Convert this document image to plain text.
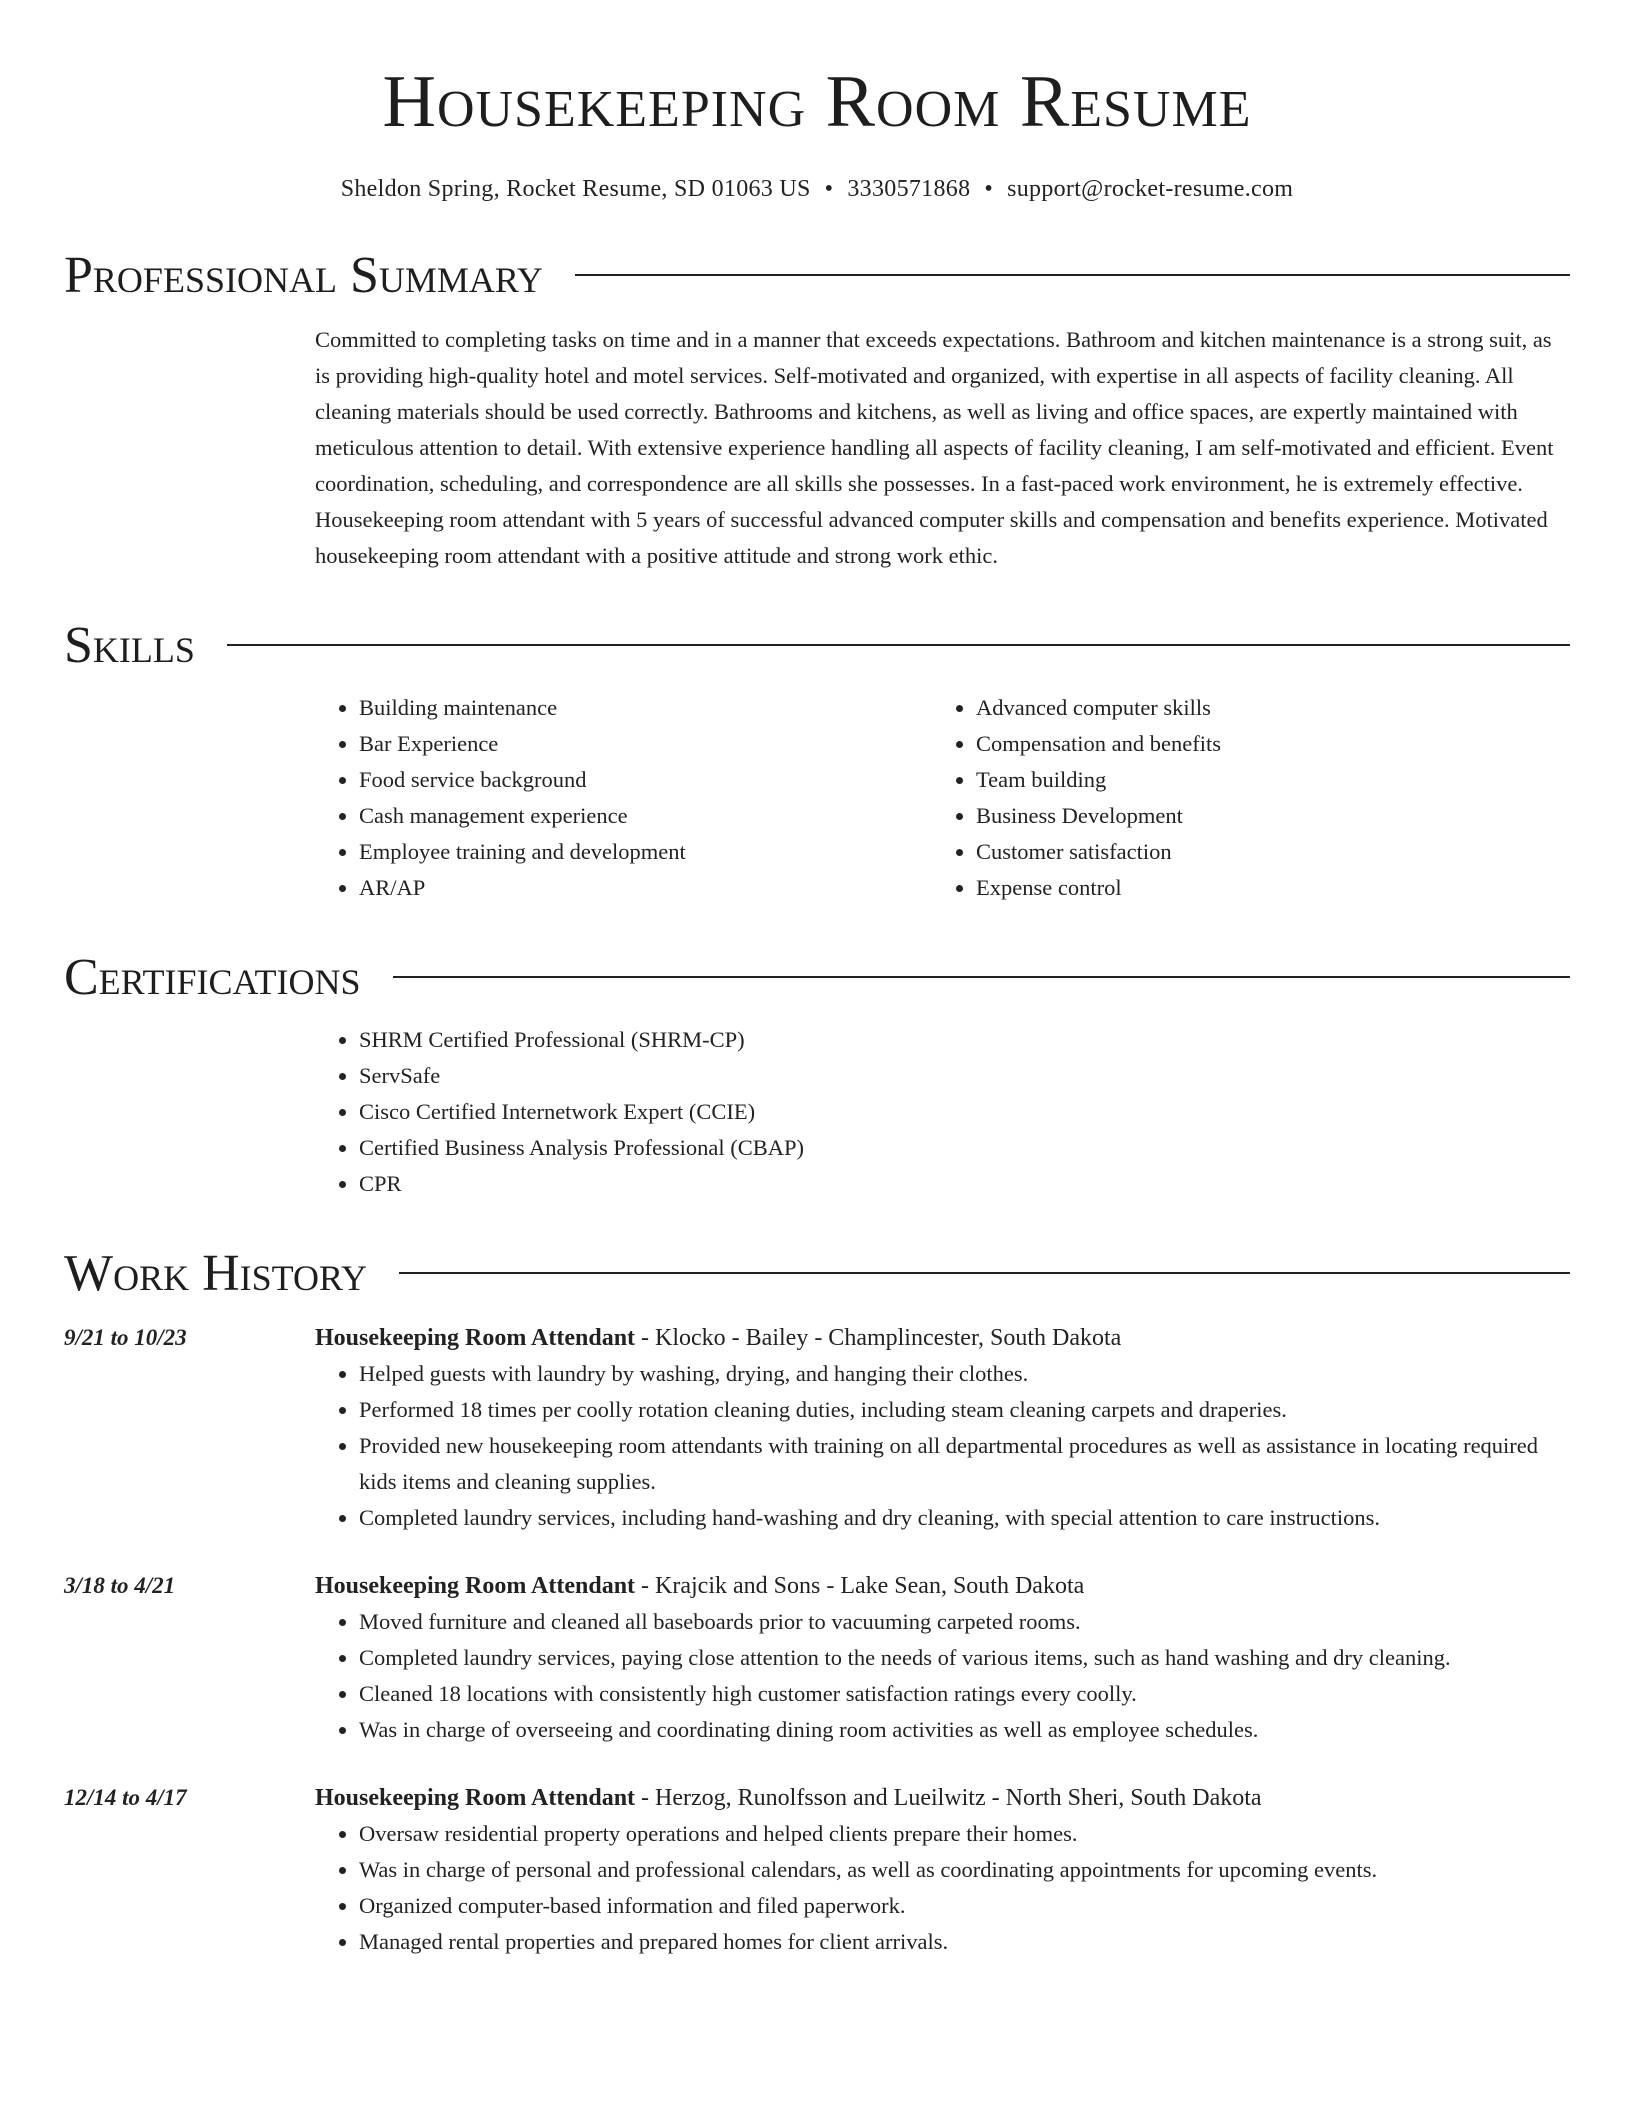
Housekeeping Room Resume
Sheldon Spring, Rocket Resume, SD 01063 US • 3330571868 • support@rocket-resume.com
Professional Summary
Committed to completing tasks on time and in a manner that exceeds expectations. Bathroom and kitchen maintenance is a strong suit, as is providing high-quality hotel and motel services. Self-motivated and organized, with expertise in all aspects of facility cleaning. All cleaning materials should be used correctly. Bathrooms and kitchens, as well as living and office spaces, are expertly maintained with meticulous attention to detail. With extensive experience handling all aspects of facility cleaning, I am self-motivated and efficient. Event coordination, scheduling, and correspondence are all skills she possesses. In a fast-paced work environment, he is extremely effective. Housekeeping room attendant with 5 years of successful advanced computer skills and compensation and benefits experience. Motivated housekeeping room attendant with a positive attitude and strong work ethic.
Skills
• Building maintenance
• Bar Experience
• Food service background
• Cash management experience
• Employee training and development
• AR/AP
• Advanced computer skills
• Compensation and benefits
• Team building
• Business Development
• Customer satisfaction
• Expense control
Certifications
• SHRM Certified Professional (SHRM-CP)
• ServSafe
• Cisco Certified Internetwork Expert (CCIE)
• Certified Business Analysis Professional (CBAP)
• CPR
Work History
9/21 to 10/23	Housekeeping Room Attendant - Klocko - Bailey - Champlincester, South Dakota
• Helped guests with laundry by washing, drying, and hanging their clothes.
• Performed 18 times per coolly rotation cleaning duties, including steam cleaning carpets and draperies.
• Provided new housekeeping room attendants with training on all departmental procedures as well as assistance in locating required kids items and cleaning supplies.
• Completed laundry services, including hand-washing and dry cleaning, with special attention to care instructions.
3/18 to 4/21	Housekeeping Room Attendant - Krajcik and Sons - Lake Sean, South Dakota
• Moved furniture and cleaned all baseboards prior to vacuuming carpeted rooms.
• Completed laundry services, paying close attention to the needs of various items, such as hand washing and dry cleaning.
• Cleaned 18 locations with consistently high customer satisfaction ratings every coolly.
• Was in charge of overseeing and coordinating dining room activities as well as employee schedules.
12/14 to 4/17	Housekeeping Room Attendant - Herzog, Runolfsson and Lueilwitz - North Sheri, South Dakota
• Oversaw residential property operations and helped clients prepare their homes.
• Was in charge of personal and professional calendars, as well as coordinating appointments for upcoming events.
• Organized computer-based information and filed paperwork.
• Managed rental properties and prepared homes for client arrivals.
